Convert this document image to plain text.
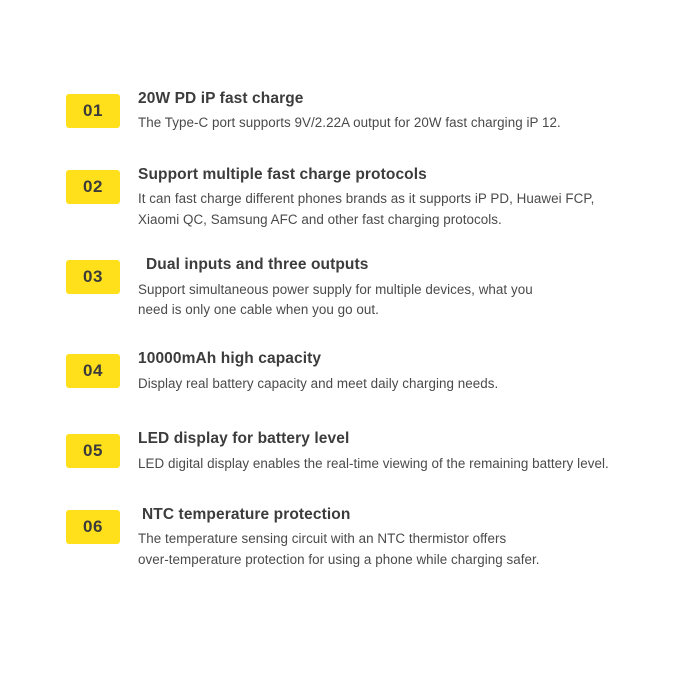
01

20W PD iP fast charge

The Type-C port supports 9V/2.22A output for 20W fast charging iP 12.

02

Support multiple fast charge protocols

It can fast charge different phones brands as it supports iP PD, Huawei FCP,
Xiaomi QC, Samsung AFC and other fast charging protocols.

03

Dual inputs and three outputs

Support simultaneous power supply for multiple devices, what you
need is only one cable when you go out.

04

10000mAh high capacity

Display real battery capacity and meet daily charging needs.

05

LED display for battery level

LED digital display enables the real-time viewing of the remaining battery level.

06

NTC temperature protection

The temperature sensing circuit with an NTC thermistor offers
over-temperature protection for using a phone while charging safer.
